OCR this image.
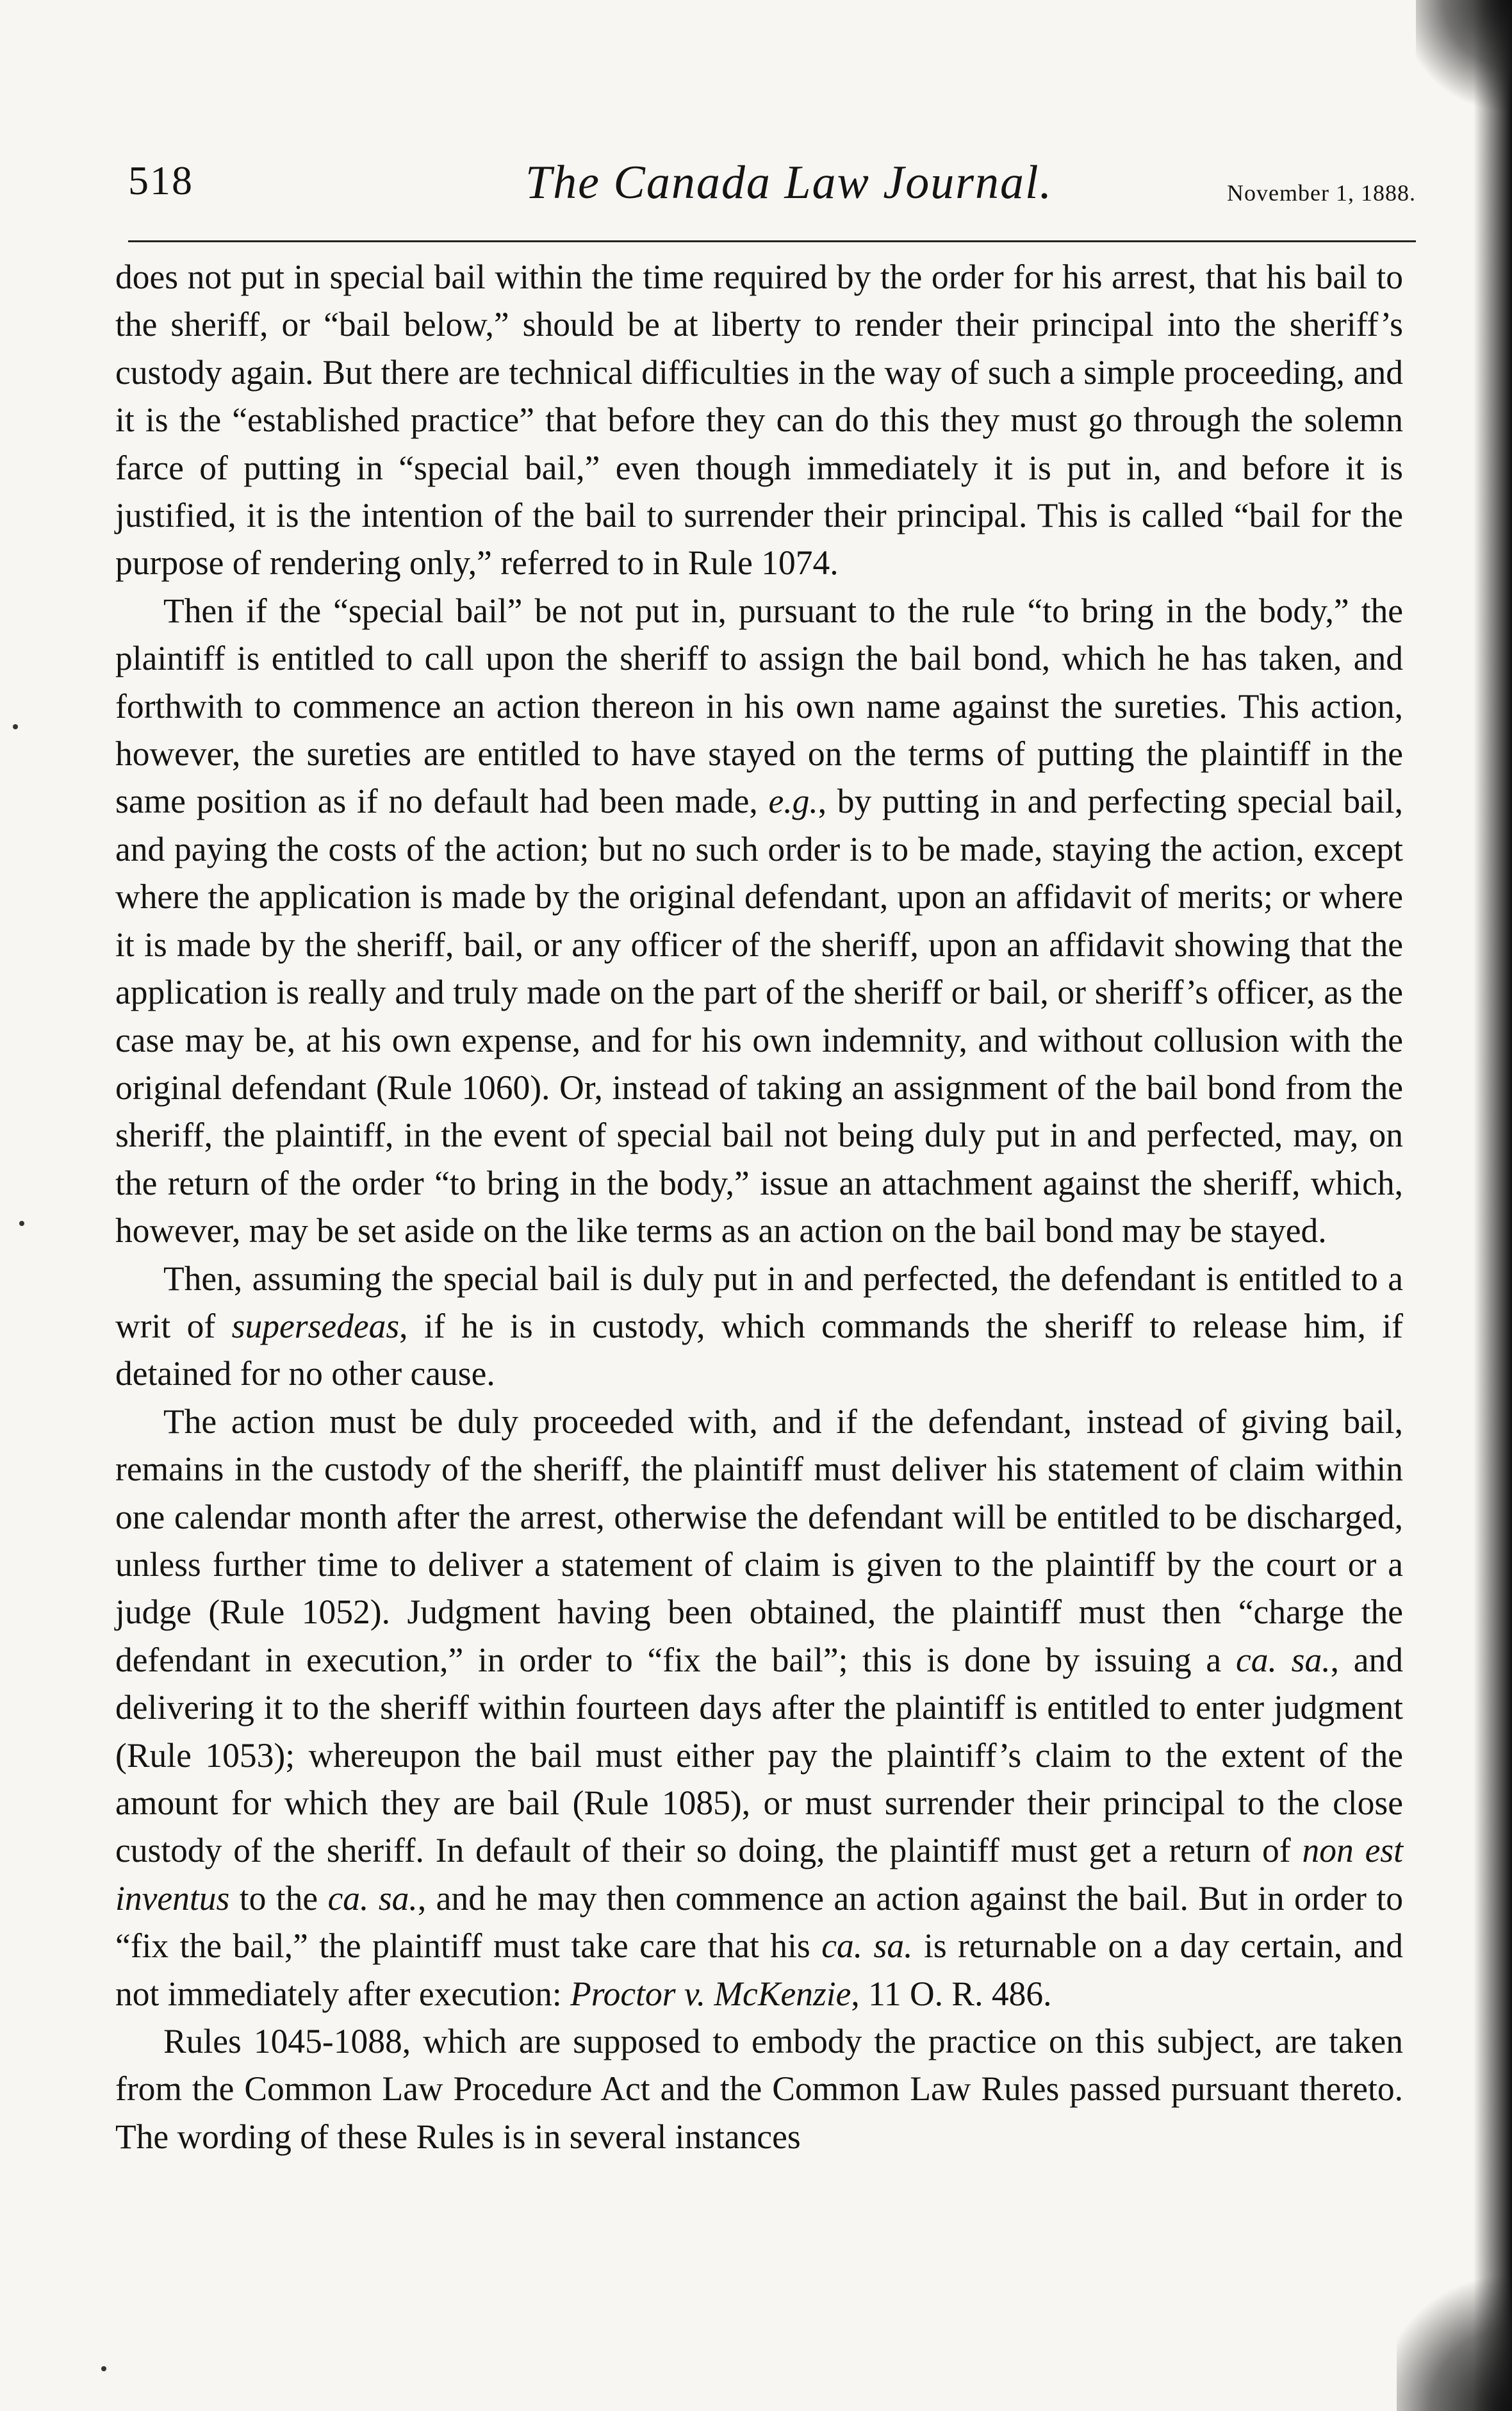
518	The Canada Law Journal.	November 1, 1888.

does not put in special bail within the time required by the order for his arrest, that his bail to the sheriff, or “bail below,” should be at liberty to render their principal into the sheriff’s custody again. But there are technical difficulties in the way of such a simple proceeding, and it is the “established practice” that before they can do this they must go through the solemn farce of putting in “special bail,” even though immediately it is put in, and before it is justified, it is the intention of the bail to surrender their principal. This is called “bail for the purpose of rendering only,” referred to in Rule 1074.

Then if the “special bail” be not put in, pursuant to the rule “to bring in the body,” the plaintiff is entitled to call upon the sheriff to assign the bail bond, which he has taken, and forthwith to commence an action thereon in his own name against the sureties. This action, however, the sureties are entitled to have stayed on the terms of putting the plaintiff in the same position as if no default had been made, e.g., by putting in and perfecting special bail, and paying the costs of the action; but no such order is to be made, staying the action, except where the application is made by the original defendant, upon an affidavit of merits; or where it is made by the sheriff, bail, or any officer of the sheriff, upon an affidavit showing that the application is really and truly made on the part of the sheriff or bail, or sheriff’s officer, as the case may be, at his own expense, and for his own indemnity, and without collusion with the original defendant (Rule 1060). Or, instead of taking an assignment of the bail bond from the sheriff, the plaintiff, in the event of special bail not being duly put in and perfected, may, on the return of the order “to bring in the body,” issue an attachment against the sheriff, which, however, may be set aside on the like terms as an action on the bail bond may be stayed.

Then, assuming the special bail is duly put in and perfected, the defendant is entitled to a writ of supersedeas, if he is in custody, which commands the sheriff to release him, if detained for no other cause.

The action must be duly proceeded with, and if the defendant, instead of giving bail, remains in the custody of the sheriff, the plaintiff must deliver his statement of claim within one calendar month after the arrest, otherwise the defendant will be entitled to be discharged, unless further time to deliver a statement of claim is given to the plaintiff by the court or a judge (Rule 1052). Judgment having been obtained, the plaintiff must then “charge the defendant in execution,” in order to “fix the bail”; this is done by issuing a ca. sa., and delivering it to the sheriff within fourteen days after the plaintiff is entitled to enter judgment (Rule 1053); whereupon the bail must either pay the plaintiff’s claim to the extent of the amount for which they are bail (Rule 1085), or must surrender their principal to the close custody of the sheriff. In default of their so doing, the plaintiff must get a return of non est inventus to the ca. sa., and he may then commence an action against the bail. But in order to “fix the bail,” the plaintiff must take care that his ca. sa. is returnable on a day certain, and not immediately after execution: Proctor v. McKenzie, 11 O. R. 486.

Rules 1045-1088, which are supposed to embody the practice on this subject, are taken from the Common Law Procedure Act and the Common Law Rules passed pursuant thereto. The wording of these Rules is in several instances
